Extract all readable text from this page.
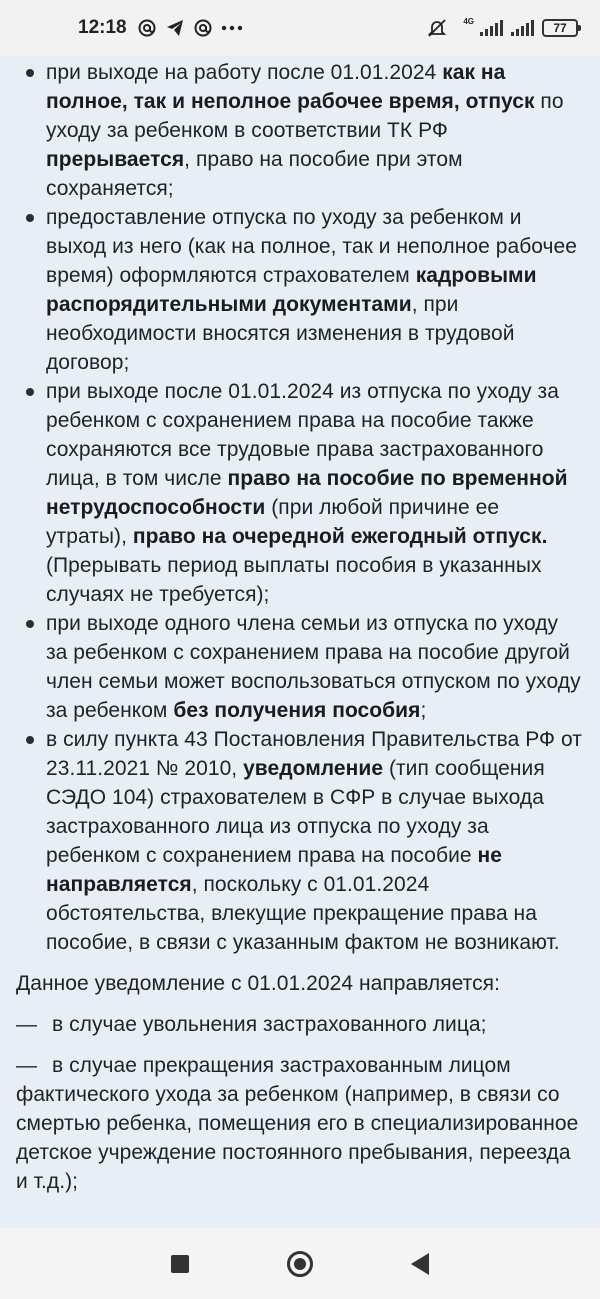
12:18	4G	77
при выходе на работу после 01.01.2024 как на полное, так и неполное рабочее время, отпуск по уходу за ребенком в соответствии ТК РФ прерывается, право на пособие при этом сохраняется;
предоставление отпуска по уходу за ребенком и выход из него (как на полное, так и неполное рабочее время) оформляются страхователем кадровыми распорядительными документами, при необходимости вносятся изменения в трудовой договор;
при выходе после 01.01.2024 из отпуска по уходу за ребенком с сохранением права на пособие также сохраняются все трудовые права застрахованного лица, в том числе право на пособие по временной нетрудоспособности (при любой причине ее утраты), право на очередной ежегодный отпуск. (Прерывать период выплаты пособия в указанных случаях не требуется);
при выходе одного члена семьи из отпуска по уходу за ребенком с сохранением права на пособие другой член семьи может воспользоваться отпуском по уходу за ребенком без получения пособия;
в силу пункта 43 Постановления Правительства РФ от 23.11.2021 № 2010, уведомление (тип сообщения СЭДО 104) страхователем в СФР в случае выхода застрахованного лица из отпуска по уходу за ребенком с сохранением права на пособие не направляется, поскольку с 01.01.2024 обстоятельства, влекущие прекращение права на пособие, в связи с указанным фактом не возникают.

Данное уведомление с 01.01.2024 направляется:

— в случае увольнения застрахованного лица;

— в случае прекращения застрахованным лицом фактического ухода за ребенком (например, в связи со смертью ребенка, помещения его в специализированное детское учреждение постоянного пребывания, переезда и т.д.);
